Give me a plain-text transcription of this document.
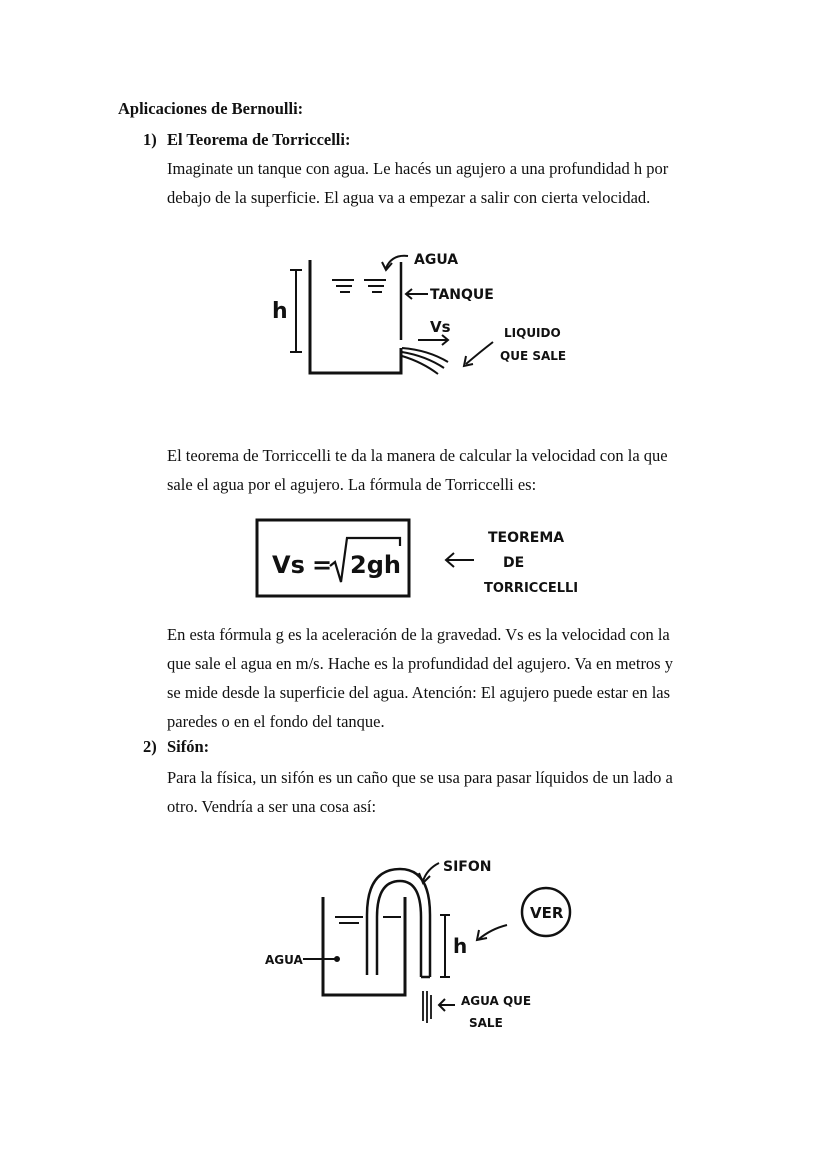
Aplicaciones de Bernoulli:
1) El Teorema de Torriccelli:
Imaginate un tanque con agua. Le hacés un agujero a una profundidad h por
debajo de la superficie. El agua va a empezar a salir con cierta velocidad.
h
AGUA
TANQUE
Vs	LIQUIDO
QUE SALE
El teorema de Torriccelli te da la manera de calcular la velocidad con la que
sale el agua por el agujero. La fórmula de Torriccelli es:
Vs = 2gh
TEOREMA
DE
TORRICCELLI
En esta fórmula g es la aceleración de la gravedad. Vs es la velocidad con la
que sale el agua en m/s. Hache es la profundidad del agujero. Va en metros y
se mide desde la superficie del agua. Atención: El agujero puede estar en las
paredes o en el fondo del tanque.
2) Sifón:
Para la física, un sifón es un caño que se usa para pasar líquidos de un lado a
otro. Vendría a ser una cosa así:
h
SIFON
VER
AGUA
AGUA QUE
SALE
